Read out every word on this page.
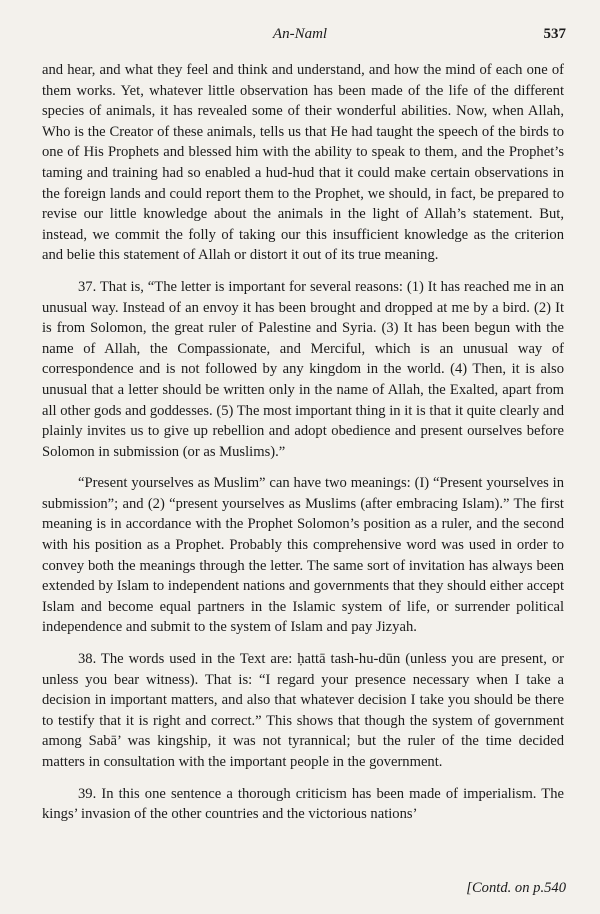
An-Naml	537

and hear, and what they feel and think and understand, and how the mind of each one of them works. Yet, whatever little observation has been made of the life of the different species of animals, it has revealed some of their wonderful abilities. Now, when Allah, Who is the Creator of these animals, tells us that He had taught the speech of the birds to one of His Prophets and blessed him with the ability to speak to them, and the Prophet’s taming and training had so enabled a hud-hud that it could make certain observations in the foreign lands and could report them to the Prophet, we should, in fact, be prepared to revise our little knowledge about the animals in the light of Allah’s statement. But, instead, we commit the folly of taking our this insufficient knowledge as the criterion and belie this statement of Allah or distort it out of its true meaning.

37. That is, “The letter is important for several reasons: (1) It has reached me in an unusual way. Instead of an envoy it has been brought and dropped at me by a bird. (2) It is from Solomon, the great ruler of Palestine and Syria. (3) It has been begun with the name of Allah, the Compassionate, and Merciful, which is an unusual way of correspondence and is not followed by any kingdom in the world. (4) Then, it is also unusual that a letter should be written only in the name of Allah, the Exalted, apart from all other gods and goddesses. (5) The most important thing in it is that it quite clearly and plainly invites us to give up rebellion and adopt obedience and present ourselves before Solomon in submission (or as Muslims).”

“Present yourselves as Muslim” can have two meanings: (I) “Present yourselves in submission”; and (2) “present yourselves as Muslims (after embracing Islam).” The first meaning is in accordance with the Prophet Solomon’s position as a ruler, and the second with his position as a Prophet. Probably this comprehensive word was used in order to convey both the meanings through the letter. The same sort of invitation has always been extended by Islam to independent nations and governments that they should either accept Islam and become equal partners in the Islamic system of life, or surrender political independence and submit to the system of Islam and pay Jizyah.

38. The words used in the Text are: ḥattā tash-hu-dūn (unless you are present, or unless you bear witness). That is: “I regard your presence necessary when I take a decision in important matters, and also that whatever decision I take you should be there to testify that it is right and correct.” This shows that though the system of government among Sabā’ was kingship, it was not tyrannical; but the ruler of the time decided matters in consultation with the important people in the government.

39. In this one sentence a thorough criticism has been made of imperialism. The kings’ invasion of the other countries and the victorious nations’

[Contd. on p.540
